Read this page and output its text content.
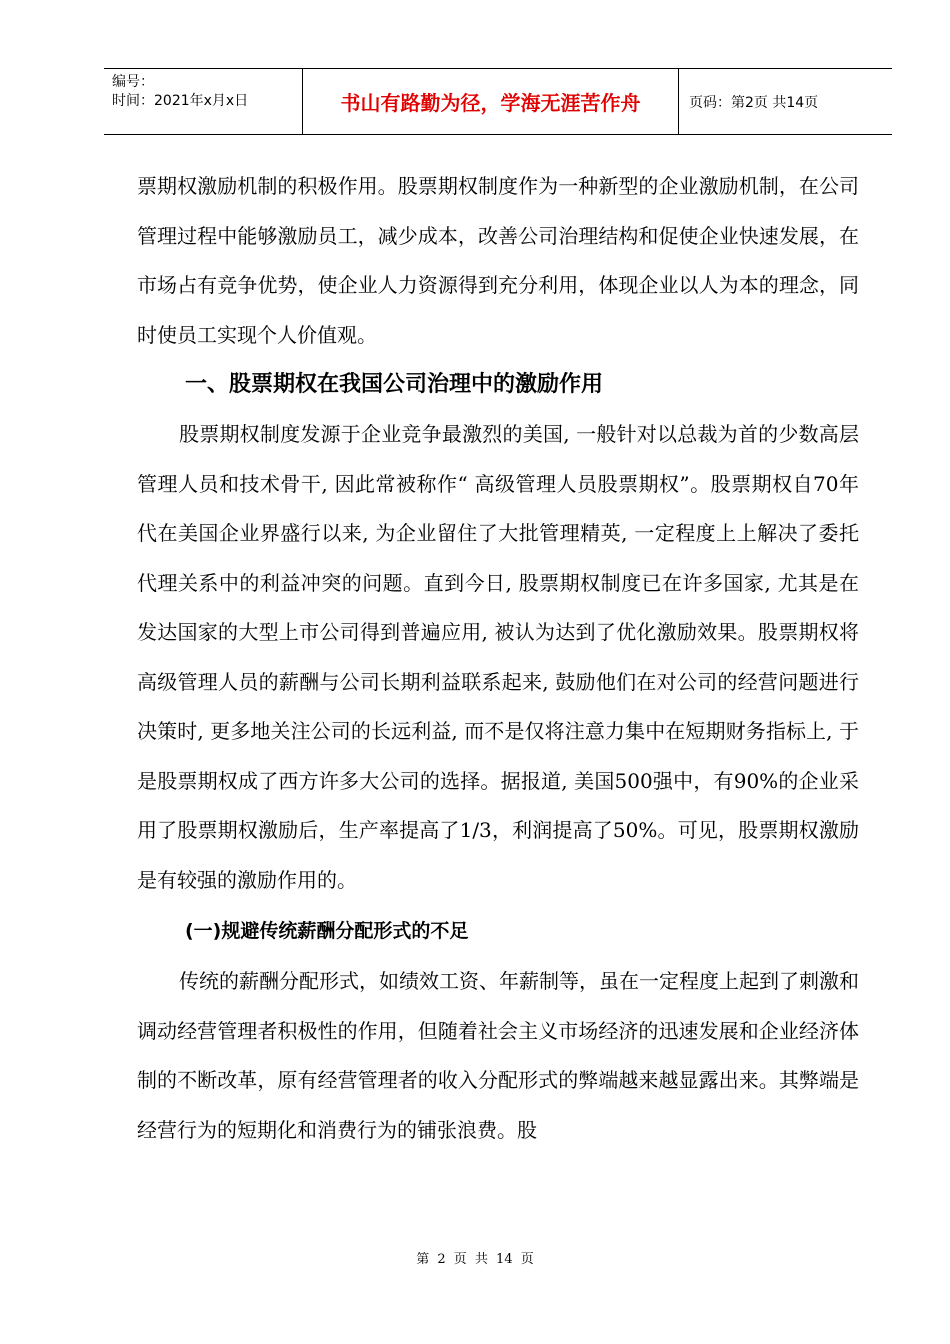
编号：
时间：2021年x月x日	书山有路勤为径，学海无涯苦作舟	页码：第2页 共14页

票期权激励机制的积极作用。股票期权制度作为一种新型的企业激励机制，在公司管理过程中能够激励员工，减少成本，改善公司治理结构和促使企业快速发展，在市场占有竞争优势，使企业人力资源得到充分利用，体现企业以人为本的理念，同时使员工实现个人价值观。

一、股票期权在我国公司治理中的激励作用

股票期权制度发源于企业竞争最激烈的美国, 一般针对以总裁为首的少数高层管理人员和技术骨干, 因此常被称作“ 高级管理人员股票期权”。股票期权自70年代在美国企业界盛行以来, 为企业留住了大批管理精英, 一定程度上上解决了委托代理关系中的利益冲突的问题。直到今日, 股票期权制度已在许多国家, 尤其是在发达国家的大型上市公司得到普遍应用, 被认为达到了优化激励效果。股票期权将高级管理人员的薪酬与公司长期利益联系起来, 鼓励他们在对公司的经营问题进行决策时, 更多地关注公司的长远利益, 而不是仅将注意力集中在短期财务指标上, 于是股票期权成了西方许多大公司的选择。据报道, 美国500强中，有90%的企业采用了股票期权激励后，生产率提高了1/3，利润提高了50%。可见，股票期权激励是有较强的激励作用的。

(一)规避传统薪酬分配形式的不足

传统的薪酬分配形式，如绩效工资、年薪制等，虽在一定程度上起到了刺激和调动经营管理者积极性的作用，但随着社会主义市场经济的迅速发展和企业经济体制的不断改革，原有经营管理者的收入分配形式的弊端越来越显露出来。其弊端是经营行为的短期化和消费行为的铺张浪费。股

第 2 页 共 14 页
